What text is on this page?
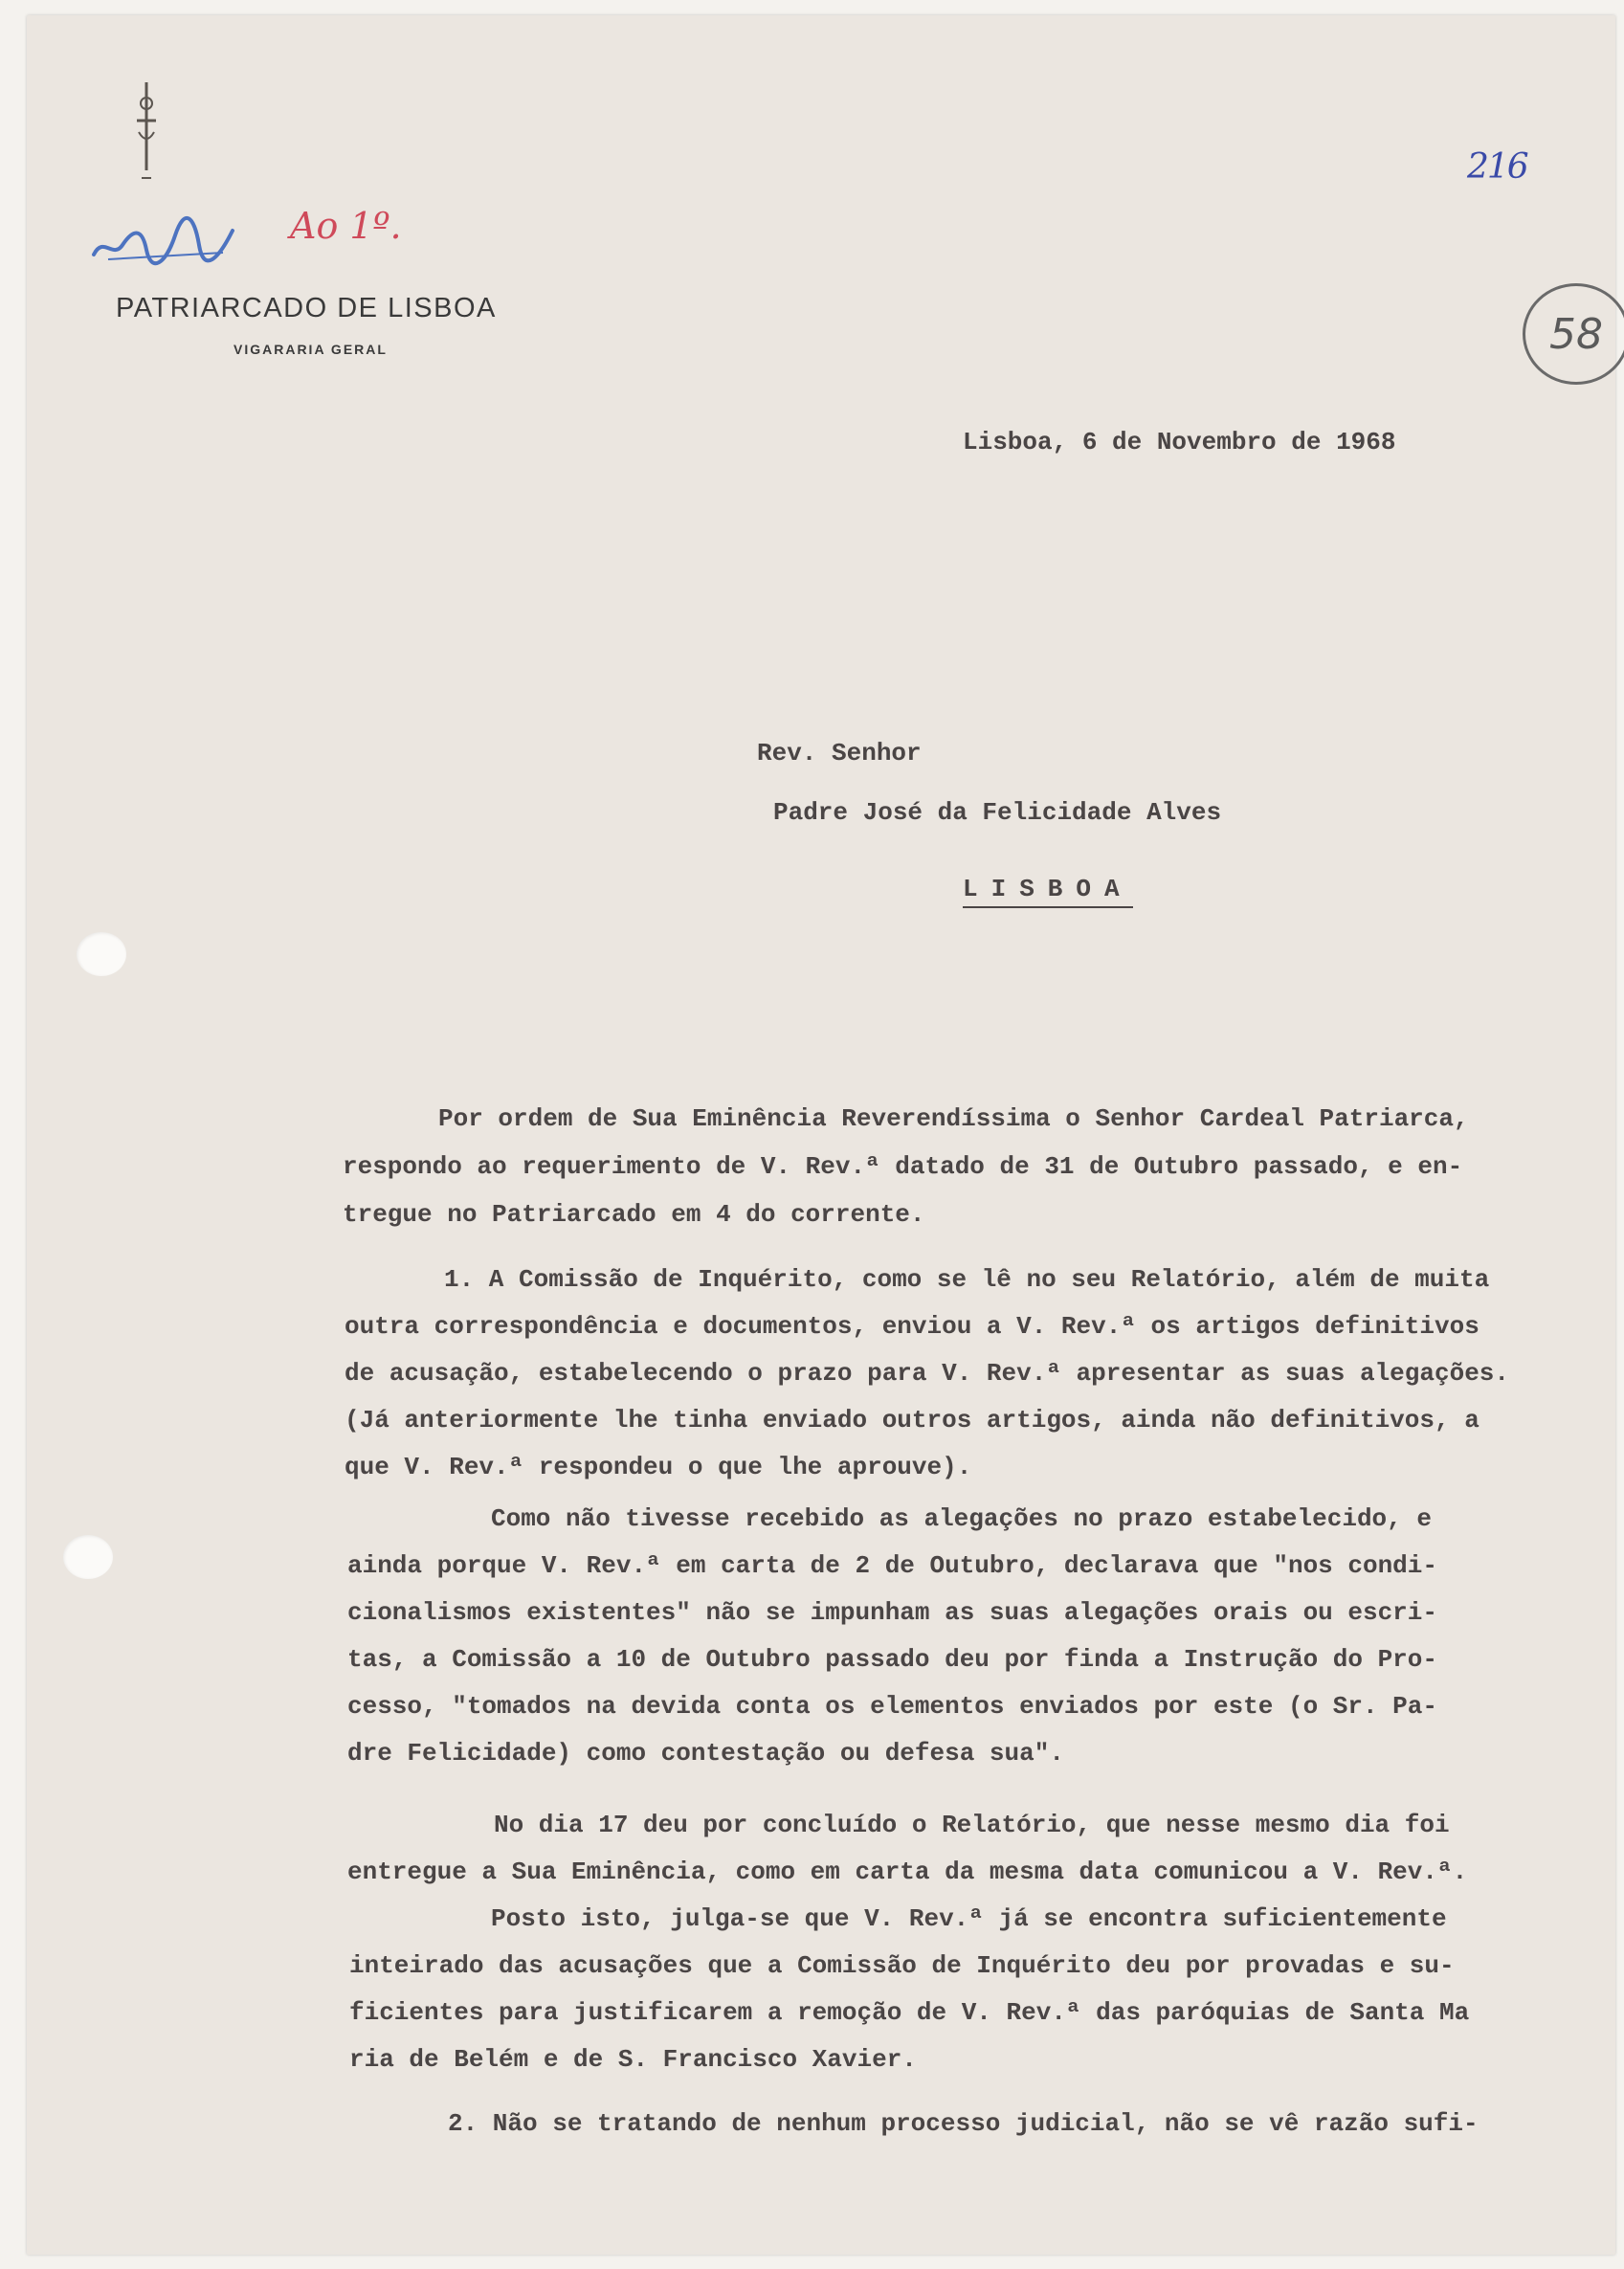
Ao 1º.
216
58
PATRIARCADO DE LISBOA
VIGARARIA GERAL
Lisboa, 6 de Novembro de 1968
Rev. Senhor
Padre José da Felicidade Alves
LISBOA
Por ordem de Sua Eminência Reverendíssima o Senhor Cardeal Patriarca,
respondo ao requerimento de V. Rev.ª datado de 31 de Outubro passado, e en-
tregue no Patriarcado em 4 do corrente.
1. A Comissão de Inquérito, como se lê no seu Relatório, além de muita
outra correspondência e documentos, enviou a V. Rev.ª os artigos definitivos
de acusação, estabelecendo o prazo para V. Rev.ª apresentar as suas alegações.
(Já anteriormente lhe tinha enviado outros artigos, ainda não definitivos, a
que V. Rev.ª respondeu o que lhe aprouve).
Como não tivesse recebido as alegações no prazo estabelecido, e
ainda porque V. Rev.ª em carta de 2 de Outubro, declarava que "nos condi-
cionalismos existentes" não se impunham as suas alegações orais ou escri-
tas, a Comissão a 10 de Outubro passado deu por finda a Instrução do Pro-
cesso, "tomados na devida conta os elementos enviados por este (o Sr. Pa-
dre Felicidade) como contestação ou defesa sua".
No dia 17 deu por concluído o Relatório, que nesse mesmo dia foi
entregue a Sua Eminência, como em carta da mesma data comunicou a V. Rev.ª.
Posto isto, julga-se que V. Rev.ª já se encontra suficientemente
inteirado das acusações que a Comissão de Inquérito deu por provadas e su-
ficientes para justificarem a remoção de V. Rev.ª das paróquias de Santa Ma
ria de Belém e de S. Francisco Xavier.
2. Não se tratando de nenhum processo judicial, não se vê razão sufi-
